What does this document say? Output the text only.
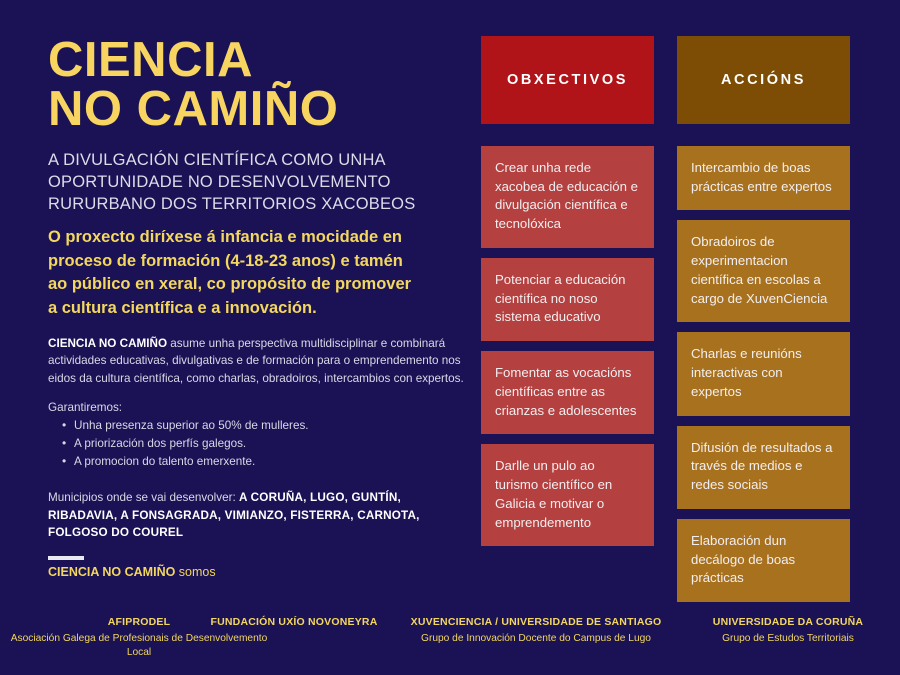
CIENCIA
NO CAMIÑO
A DIVULGACIÓN CIENTÍFICA COMO UNHA
OPORTUNIDADE NO DESENVOLVEMENTO
RURURBANO DOS TERRITORIOS XACOBEOS
O proxecto diríxese á infancia e mocidade en
proceso de formación (4-18-23 anos) e tamén
ao público en xeral, co propósito de promover
a cultura científica e a innovación.

CIENCIA NO CAMIÑO asume unha perspectiva multidisciplinar e combinará actividades educativas, divulgativas e de formación para o emprendemento nos eidos da cultura científica, como charlas, obradoiros, intercambios con expertos.

Garantiremos:

• Unha presenza superior ao 50% de mulleres.
• A priorización dos perfís galegos.
• A promocion do talento emerxente.

Municipios onde se vai desenvolver: A CORUÑA, LUGO, GUNTÍN, RIBADAVIA, A FONSAGRADA, VIMIANZO, FISTERRA, CARNOTA, FOLGOSO DO COUREL

CIENCIA NO CAMIÑO somos

OBXECTIVOS
Crear unha rede xacobea de educación e divulgación científica e tecnolóxica
Potenciar a educación científica no noso sistema educativo
Fomentar as vocacións científicas entre as crianzas e adolescentes
Darlle un pulo ao turismo científico en Galicia e motivar o emprendemento
ACCIÓNS
Intercambio de boas prácticas entre expertos
Obradoiros de experimentacion científica en escolas a cargo de XuvenCiencia
Charlas e reunións interactivas con expertos
Difusión de resultados a través de medios e redes sociais
Elaboración dun decálogo de boas prácticas
AFIPRODEL
Asociación Galega de Profesionais de Desenvolvemento Local
FUNDACIÓN UXÍO NOVONEYRA	XUVENCIENCIA / UNIVERSIDADE DE SANTIAGO
Grupo de Innovación Docente do Campus de Lugo
UNIVERSIDADE DA CORUÑA
Grupo de Estudos Territoriais
